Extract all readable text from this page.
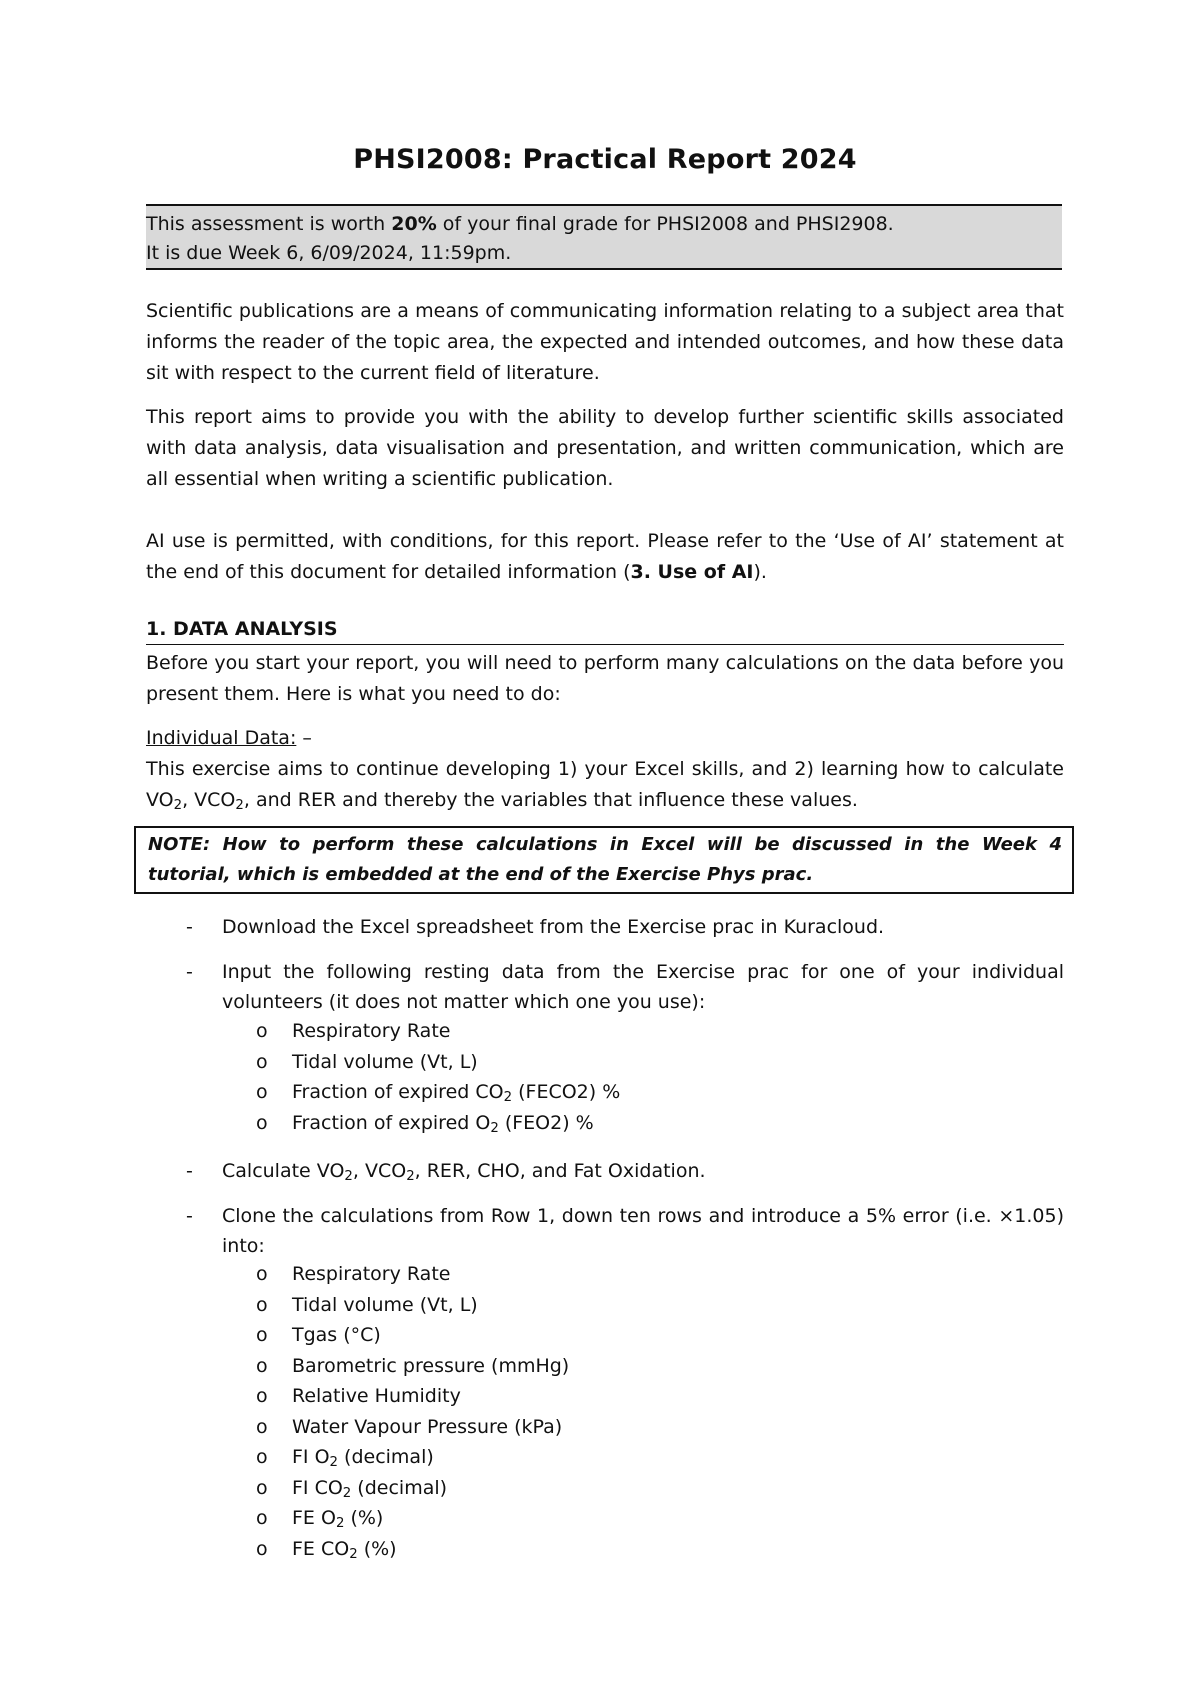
PHSI2008: Practical Report 2024

This assessment is worth 20% of your final grade for PHSI2008 and PHSI2908.

It is due Week 6, 6/09/2024, 11:59pm.

Scientific publications are a means of communicating information relating to a subject area that informs the reader of the topic area, the expected and intended outcomes, and how these data sit with respect to the current field of literature.

This report aims to provide you with the ability to develop further scientific skills associated with data analysis, data visualisation and presentation, and written communication, which are all essential when writing a scientific publication.

AI use is permitted, with conditions, for this report. Please refer to the ‘Use of AI’ statement at the end of this document for detailed information (3. Use of AI).

1. DATA ANALYSIS

Before you start your report, you will need to perform many calculations on the data before you present them. Here is what you need to do:

Individual Data: –

This exercise aims to continue developing 1) your Excel skills, and 2) learning how to calculate $VO_2$, $VCO_2$, and RER and thereby the variables that influence these values.

NOTE: How to perform these calculations in Excel will be discussed in the Week 4 tutorial, which is embedded at the end of the Exercise Phys prac.
- Download the Excel spreadsheet from the Exercise prac in Kuracloud.
- Input the following resting data from the Exercise prac for one of your individual volunteers (it does not matter which one you use):
o Respiratory Rate
o Tidal volume (Vt, L)
o Fraction of expired $CO_2$ (FECO2) %
o Fraction of expired $O_2$ (FEO2) %
- Calculate $VO_2$, $VCO_2$, RER, CHO, and Fat Oxidation.
- Clone the calculations from Row 1, down ten rows and introduce a 5% error (i.e. ×1.05) into:
o Respiratory Rate
o Tidal volume (Vt, L)
o Tgas (°C)
o Barometric pressure (mmHg)
o Relative Humidity
o Water Vapour Pressure (kPa)
o FI $O_2$ (decimal)
o FI $CO_2$ (decimal)
o FE $O_2$ (%)
o FE $CO_2$ (%)
